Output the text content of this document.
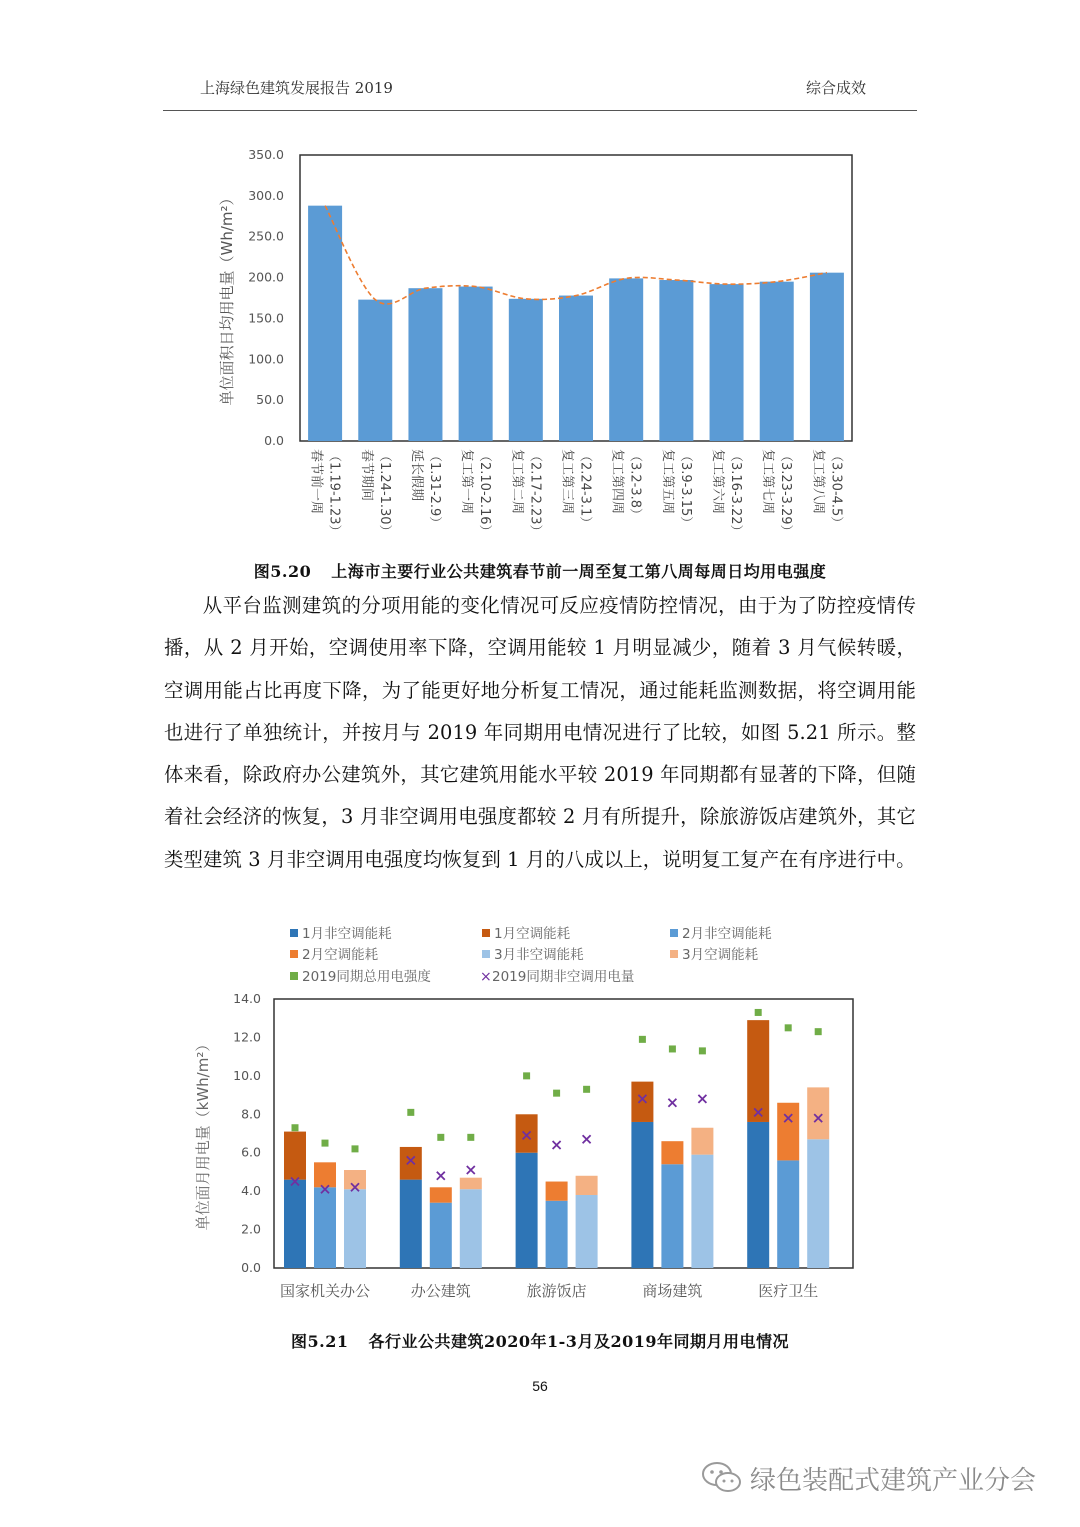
上海绿色建筑发展报告 2019	综合成效
0.0
50.0
100.0
150.0
200.0
250.0
300.0
350.0
单位面积日均用电量（Wh/m²）
春节前一周 （1.19-1.23） 春节期间 （1.24-1.30） 延长假期 （1.31-2.9） 复工第一周 （2.10-2.16） 复工第二周 （2.17-2.23） 复工第三周 （2.24-3.1） 复工第四周 （3.2-3.8） 复工第五周 （3.9-3.15） 复工第六周 （3.16-3.22） 复工第七周 （3.23-3.29） 复工第八周 （3.30-4.5）
图5.20 上海市主要行业公共建筑春节前一周至复工第八周每周日均用电强度

从平台监测建筑的分项用能的变化情况可反应疫情防控情况，由于为了防控疫情传播，从 2 月开始，空调使用率下降，空调用能较 1 月明显减少，随着 3 月气候转暖，空调用能占比再度下降，为了能更好地分析复工情况，通过能耗监测数据，将空调用能也进行了单独统计，并按月与 2019 年同期用电情况进行了比较，如图 5.21 所示。整体来看，除政府办公建筑外，其它建筑用能水平较 2019 年同期都有显著的下降，但随着社会经济的恢复，3 月非空调用电强度都较 2 月有所提升，除旅游饭店建筑外，其它类型建筑 3 月非空调用电强度均恢复到 1 月的八成以上，说明复工复产在有序进行中。

1月非空调能耗	1月空调能耗	2月非空调能耗
2月空调能耗	3月非空调能耗	3月空调能耗
2019同期总用电强度	× 2019同期非空调用电量
0.0
2.0
4.0
6.0
8.0
10.0
12.0
14.0
单位面月用电量（kWh/m²）
国家机关办公	办公建筑	旅游饭店	商场建筑	医疗卫生
图5.21 各行业公共建筑2020年1-3月及2019年同期月用电情况
56
绿色装配式建筑产业分会
